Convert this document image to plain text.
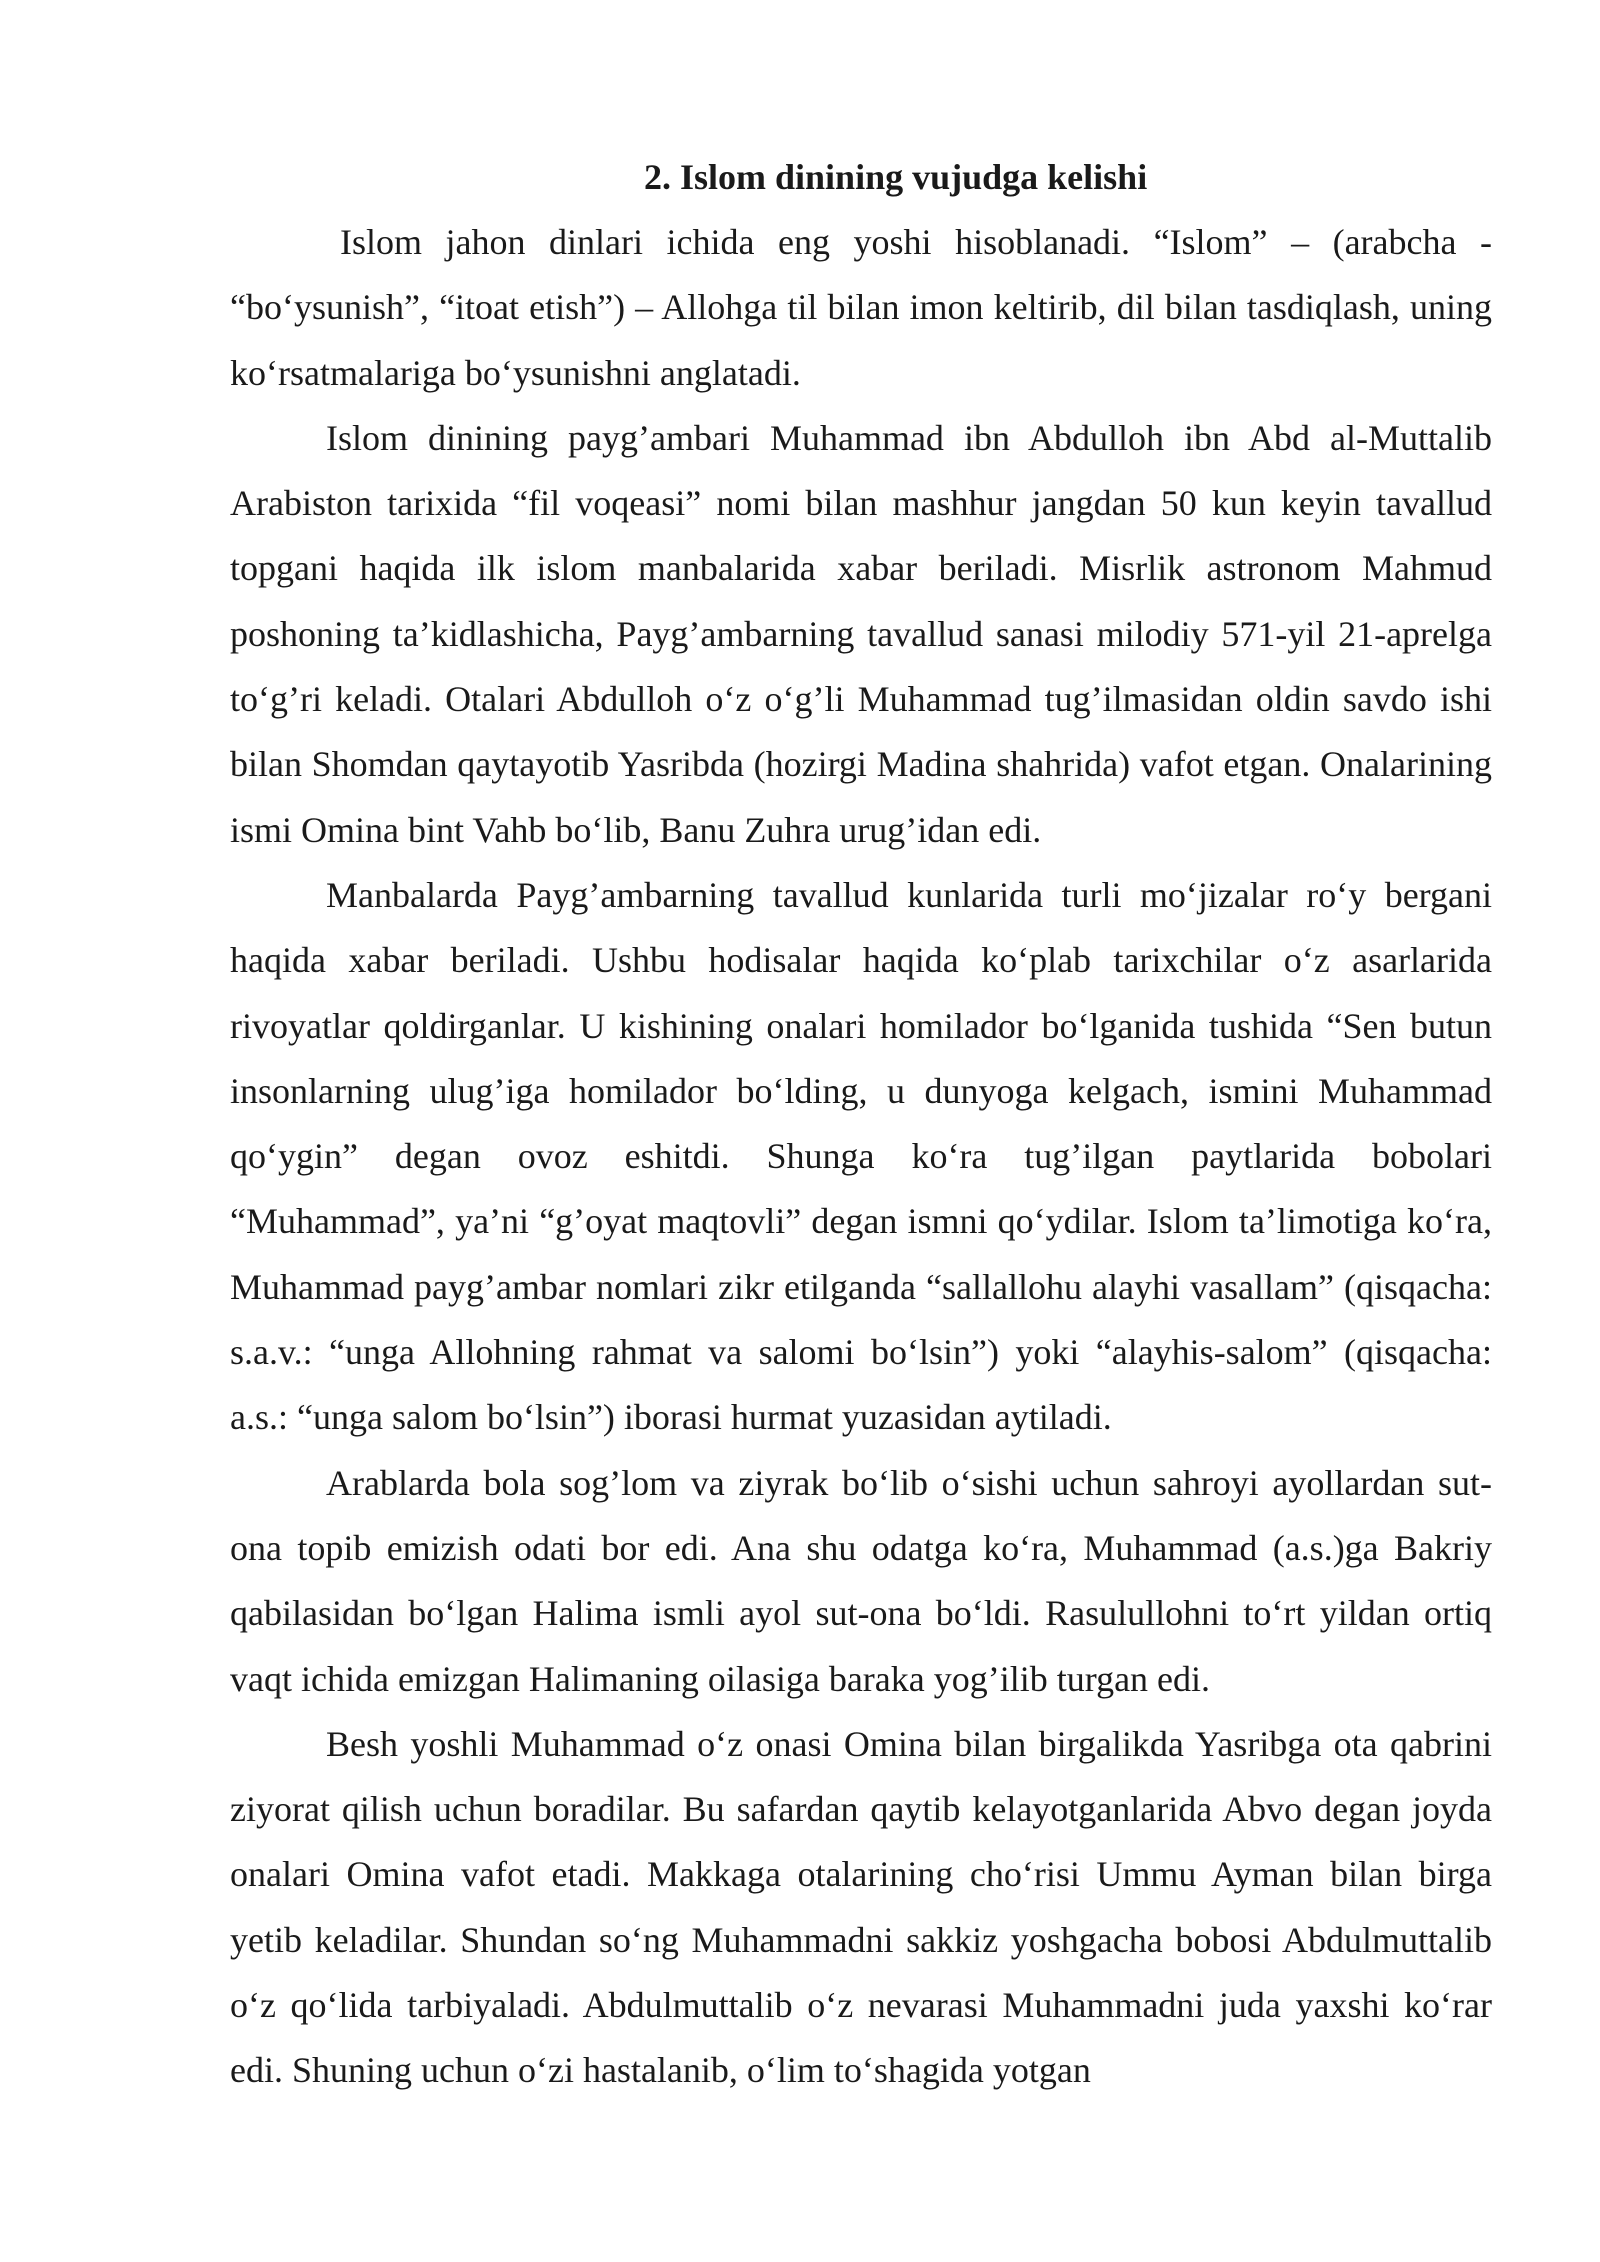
2. Islom dinining vujudga kelishi

Islom jahon dinlari ichida eng yoshi hisoblanadi. “Islom” – (arabcha - “bo‘ysunish”, “itoat etish”) – Allohga til bilan imon keltirib, dil bilan tasdiqlash, uning ko‘rsatmalariga bo‘ysunishni anglatadi.

Islom dinining payg’ambari Muhammad ibn Abdulloh ibn Abd al-Muttalib Arabiston tarixida “fil voqeasi” nomi bilan mashhur jangdan 50 kun keyin tavallud topgani haqida ilk islom manbalarida xabar beriladi. Misrlik astronom Mahmud poshoning ta’kidlashicha, Payg’ambarning tavallud sanasi milodiy 571-yil 21-aprelga to‘g’ri keladi. Otalari Abdulloh o‘z o‘g’li Muhammad tug’ilmasidan oldin savdo ishi bilan Shomdan qaytayotib Yasribda (hozirgi Madina shahrida) vafot etgan. Onalarining ismi Omina bint Vahb bo‘lib, Banu Zuhra urug’idan edi.

Manbalarda Payg’ambarning tavallud kunlarida turli mo‘jizalar ro‘y bergani haqida xabar beriladi. Ushbu hodisalar haqida ko‘plab tarixchilar o‘z asarlarida rivoyatlar qoldirganlar. U kishining onalari homilador bo‘lganida tushida “Sen butun insonlarning ulug’iga homilador bo‘lding, u dunyoga kelgach, ismini Muhammad qo‘ygin” degan ovoz eshitdi. Shunga ko‘ra tug’ilgan paytlarida bobolari “Muhammad”, ya’ni “g’oyat maqtovli” degan ismni qo‘ydilar. Islom ta’limotiga ko‘ra, Muhammad payg’ambar nomlari zikr etilganda “sallallohu alayhi vasallam” (qisqacha: s.a.v.: “unga Allohning rahmat va salomi bo‘lsin”) yoki “alayhis-salom” (qisqacha: a.s.: “unga salom bo‘lsin”) iborasi hurmat yuzasidan aytiladi.

Arablarda bola sog’lom va ziyrak bo‘lib o‘sishi uchun sahroyi ayollardan sut-ona topib emizish odati bor edi. Ana shu odatga ko‘ra, Muhammad (a.s.)ga Bakriy qabilasidan bo‘lgan Halima ismli ayol sut-ona bo‘ldi. Rasulullohni to‘rt yildan ortiq vaqt ichida emizgan Halimaning oilasiga baraka yog’ilib turgan edi.

Besh yoshli Muhammad o‘z onasi Omina bilan birgalikda Yasribga ota qabrini ziyorat qilish uchun boradilar. Bu safardan qaytib kelayotganlarida Abvo degan joyda onalari Omina vafot etadi. Makkaga otalarining cho‘risi Ummu Ayman bilan birga yetib keladilar. Shundan so‘ng Muhammadni sakkiz yoshgacha bobosi Abdulmuttalib o‘z qo‘lida tarbiyaladi. Abdulmuttalib o‘z nevarasi Muhammadni juda yaxshi ko‘rar edi. Shuning uchun o‘zi hastalanib, o‘lim to‘shagida yotgan
